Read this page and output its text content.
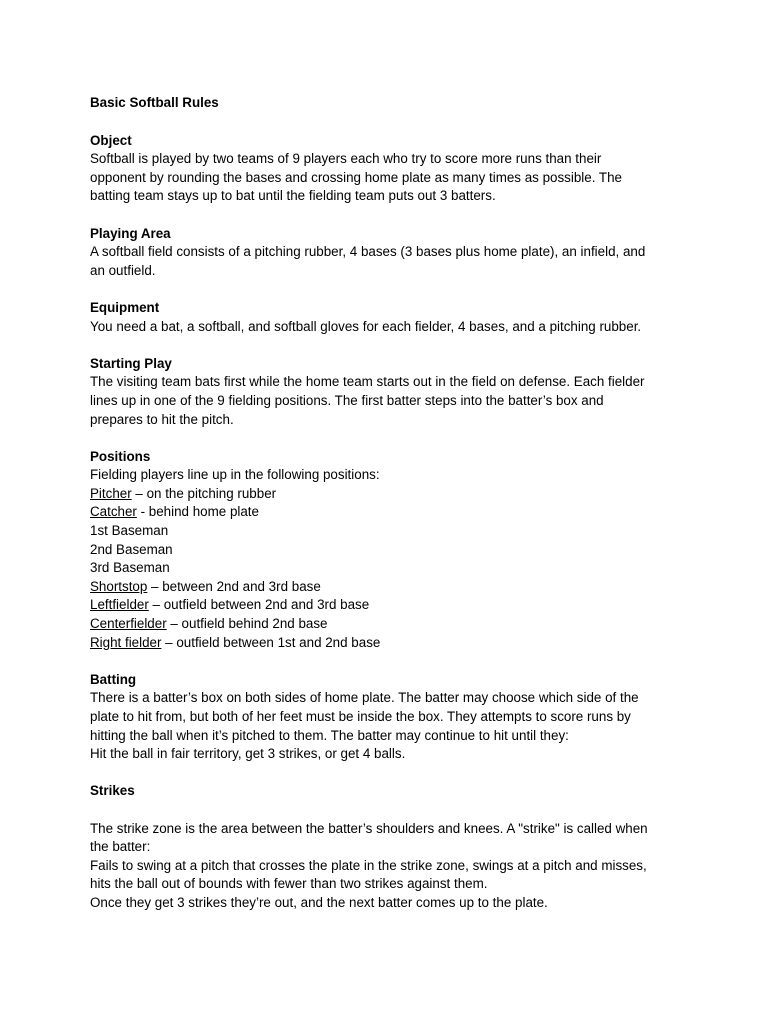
Basic Softball Rules

Object

Softball is played by two teams of 9 players each who try to score more runs than their
opponent by rounding the bases and crossing home plate as many times as possible. The
batting team stays up to bat until the fielding team puts out 3 batters.

Playing Area

A softball field consists of a pitching rubber, 4 bases (3 bases plus home plate), an infield, and
an outfield.

Equipment

You need a bat, a softball, and softball gloves for each fielder, 4 bases, and a pitching rubber.

Starting Play

The visiting team bats first while the home team starts out in the field on defense. Each fielder
lines up in one of the 9 fielding positions. The first batter steps into the batter’s box and
prepares to hit the pitch.

Positions

Fielding players line up in the following positions:
Pitcher – on the pitching rubber
Catcher - behind home plate
1st Baseman
2nd Baseman
3rd Baseman
Shortstop – between 2nd and 3rd base
Leftfielder – outfield between 2nd and 3rd base
Centerfielder – outfield behind 2nd base
Right fielder – outfield between 1st and 2nd base

Batting

There is a batter’s box on both sides of home plate. The batter may choose which side of the
plate to hit from, but both of her feet must be inside the box. They attempts to score runs by
hitting the ball when it’s pitched to them. The batter may continue to hit until they:
Hit the ball in fair territory, get 3 strikes, or get 4 balls.

Strikes

The strike zone is the area between the batter’s shoulders and knees. A "strike" is called when
the batter:
Fails to swing at a pitch that crosses the plate in the strike zone, swings at a pitch and misses,
hits the ball out of bounds with fewer than two strikes against them.
Once they get 3 strikes they’re out, and the next batter comes up to the plate.
